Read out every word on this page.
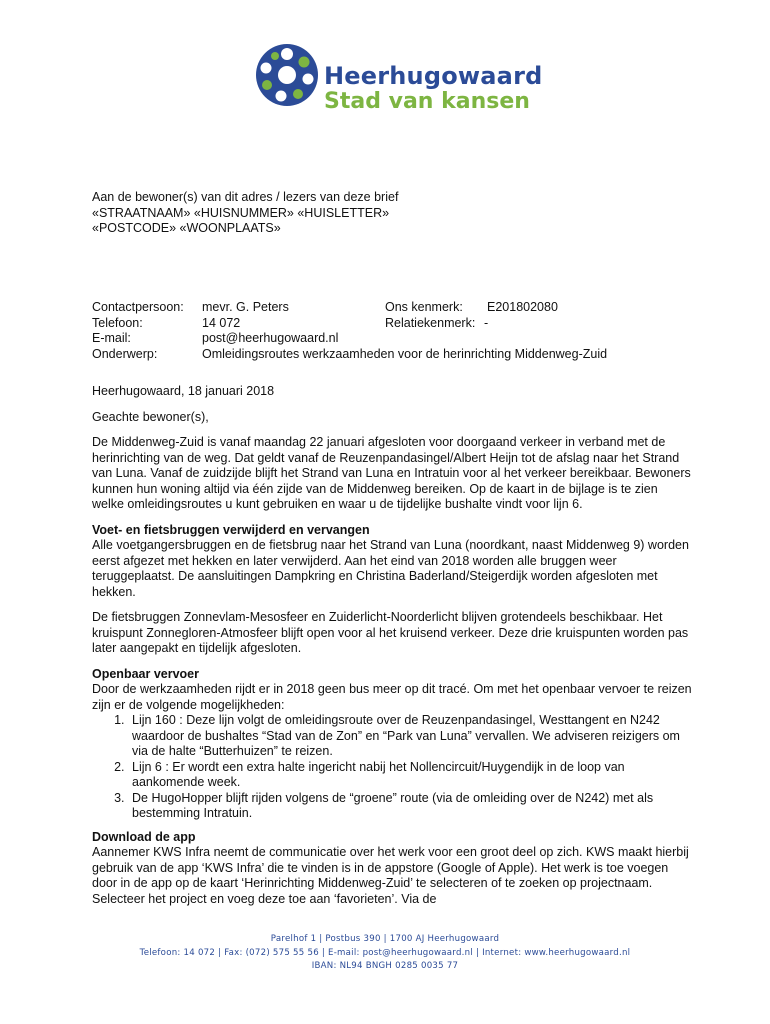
Heerhugowaard
Stad van kansen
Aan de bewoner(s) van dit adres / lezers van deze brief
«STRAATNAAM» «HUISNUMMER» «HUISLETTER»
«POSTCODE» «WOONPLAATS»
Contactpersoon: mevr. G. Peters	Ons kenmerk: E201802080
Telefoon:	14 072	Relatiekenmerk: -
E-mail:	post@heerhugowaard.nl
Onderwerp:	Omleidingsroutes werkzaamheden voor de herinrichting Middenweg-Zuid

Heerhugowaard, 18 januari 2018

Geachte bewoner(s),

De Middenweg-Zuid is vanaf maandag 22 januari afgesloten voor doorgaand verkeer in verband met de herinrichting van de weg. Dat geldt vanaf de Reuzenpandasingel/Albert Heijn tot de afslag naar het Strand van Luna. Vanaf de zuidzijde blijft het Strand van Luna en Intratuin voor al het verkeer bereikbaar. Bewoners kunnen hun woning altijd via één zijde van de Middenweg bereiken. Op de kaart in de bijlage is te zien welke omleidingsroutes u kunt gebruiken en waar u de tijdelijke bushalte vindt voor lijn 6.

Voet- en fietsbruggen verwijderd en vervangen

Alle voetgangersbruggen en de fietsbrug naar het Strand van Luna (noordkant, naast Middenweg 9) worden eerst afgezet met hekken en later verwijderd. Aan het eind van 2018 worden alle bruggen weer teruggeplaatst. De aansluitingen Dampkring en Christina Baderland/Steigerdijk worden afgesloten met hekken.

De fietsbruggen Zonnevlam-Mesosfeer en Zuiderlicht-Noorderlicht blijven grotendeels beschikbaar. Het kruispunt Zonnegloren-Atmosfeer blijft open voor al het kruisend verkeer. Deze drie kruispunten worden pas later aangepakt en tijdelijk afgesloten.

Openbaar vervoer
Door de werkzaamheden rijdt er in 2018 geen bus meer op dit tracé. Om met het openbaar vervoer te reizen zijn er de volgende mogelijkheden:
1. Lijn 160 : Deze lijn volgt de omleidingsroute over de Reuzenpandasingel, Westtangent en N242 waardoor de bushaltes “Stad van de Zon” en “Park van Luna” vervallen. We adviseren reizigers om via de halte “Butterhuizen” te reizen.
2. Lijn 6 : Er wordt een extra halte ingericht nabij het Nollencircuit/Huygendijk in de loop van aankomende week.
3. De HugoHopper blijft rijden volgens de “groene” route (via de omleiding over de N242) met als bestemming Intratuin.
Download de app
Aannemer KWS Infra neemt de communicatie over het werk voor een groot deel op zich. KWS maakt hierbij gebruik van de app ‘KWS Infra’ die te vinden is in de appstore (Google of Apple). Het werk is toe voegen door in de app op de kaart ‘Herinrichting Middenweg-Zuid’ te selecteren of te zoeken op projectnaam. Selecteer het project en voeg deze toe aan ‘favorieten’. Via de
Parelhof 1 | Postbus 390 | 1700 AJ Heerhugowaard
Telefoon: 14 072 | Fax: (072) 575 55 56 | E-mail: post@heerhugowaard.nl | Internet: www.heerhugowaard.nl
IBAN: NL94 BNGH 0285 0035 77
